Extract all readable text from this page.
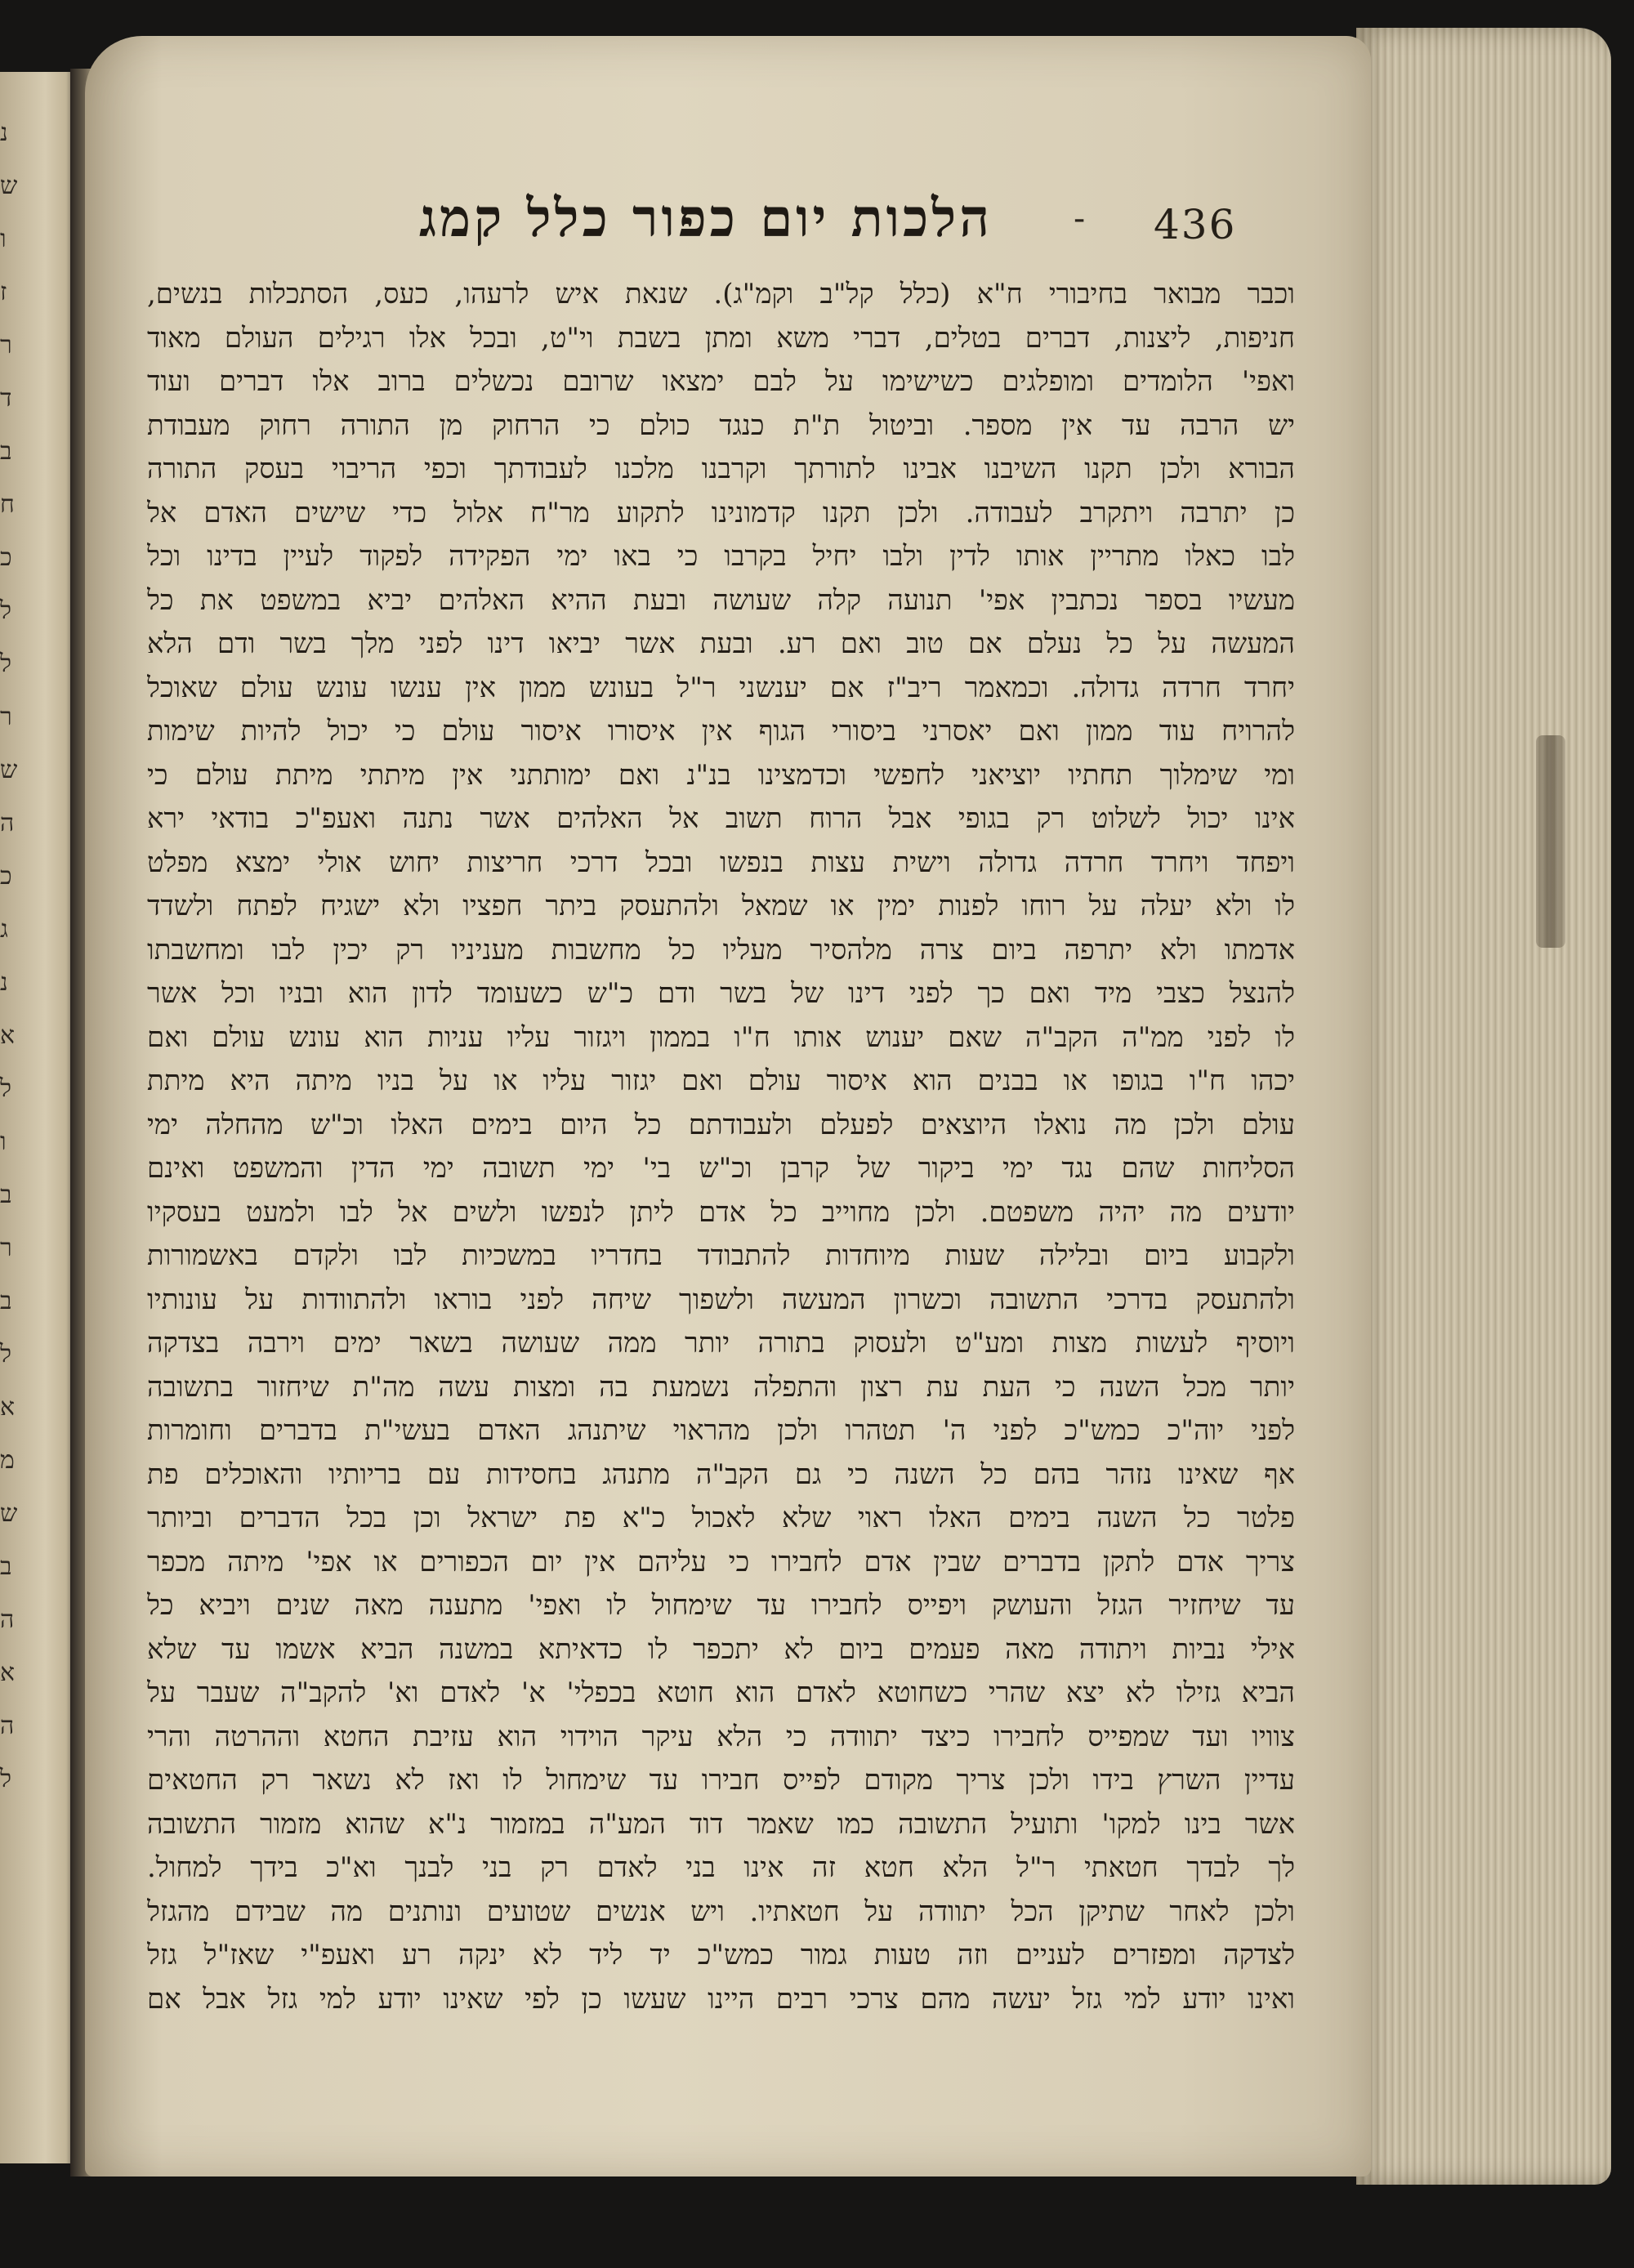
נ
ש
ו
ז
ר
ד
ב
ח
כ
ל
ל
ר
ש
ה
כ
ג
נ
א
ל
ו
ב
ר
ב
ל
א
מ
ש
ב
ה
א
ה
ל
הלכות יום כפור כלל קמג - 436
וכבר מבואר בחיבורי ח"א (כלל קל"ב וקמ"ג). שנאת איש לרעהו, כעס, הסתכלות בנשים,
חניפות, ליצנות, דברים בטלים, דברי משא ומתן בשבת וי"ט, ובכל אלו רגילים העולם מאוד
ואפי' הלומדים ומופלגים כשישימו על לבם ימצאו שרובם נכשלים ברוב אלו דברים ועוד
יש הרבה עד אין מספר. וביטול ת"ת כנגד כולם כי הרחוק מן התורה רחוק מעבודת
הבורא ולכן תקנו השיבנו אבינו לתורתך וקרבנו מלכנו לעבודתך וכפי הריבוי בעסק התורה
כן יתרבה ויתקרב לעבודה. ולכן תקנו קדמונינו לתקוע מר"ח אלול כדי שישים האדם אל
לבו כאלו מתריין אותו לדין ולבו יחיל בקרבו כי באו ימי הפקידה לפקוד לעיין בדינו וכל
מעשיו בספר נכתבין אפי' תנועה קלה שעושה ובעת ההיא האלהים יביא במשפט את כל
המעשה על כל נעלם אם טוב ואם רע. ובעת אשר יביאו דינו לפני מלך בשר ודם הלא
יחרד חרדה גדולה. וכמאמר ריב"ז אם יענשני ר"ל בעונש ממון אין ענשו עונש עולם שאוכל
להרויח עוד ממון ואם יאסרני ביסורי הגוף אין איסורו איסור עולם כי יכול להיות שימות
ומי שימלוך תחתיו יוציאני לחפשי וכדמצינו בנ"נ ואם ימותתני אין מיתתי מיתת עולם כי
אינו יכול לשלוט רק בגופי אבל הרוח תשוב אל האלהים אשר נתנה ואעפ"כ בודאי ירא
ויפחד ויחרד חרדה גדולה וישית עצות בנפשו ובכל דרכי חריצות יחוש אולי ימצא מפלט
לו ולא יעלה על רוחו לפנות ימין או שמאל ולהתעסק ביתר חפציו ולא ישגיח לפתח ולשדד
אדמתו ולא יתרפה ביום צרה מלהסיר מעליו כל מחשבות מעניניו רק יכין לבו ומחשבתו
להנצל כצבי מיד ואם כך לפני דינו של בשר ודם כ"ש כשעומד לדון הוא ובניו וכל אשר
לו לפני ממ"ה הקב"ה שאם יענוש אותו ח"ו בממון ויגזור עליו עניות הוא עונש עולם ואם
יכהו ח"ו בגופו או בבנים הוא איסור עולם ואם יגזור עליו או על בניו מיתה היא מיתת
עולם ולכן מה נואלו היוצאים לפעלם ולעבודתם כל היום בימים האלו וכ"ש מהחלה ימי
הסליחות שהם נגד ימי ביקור של קרבן וכ"ש בי' ימי תשובה ימי הדין והמשפט ואינם
יודעים מה יהיה משפטם. ולכן מחוייב כל אדם ליתן לנפשו ולשים אל לבו ולמעט בעסקיו
ולקבוע ביום ובלילה שעות מיוחדות להתבודד בחדריו במשכיות לבו ולקדם באשמורות
ולהתעסק בדרכי התשובה וכשרון המעשה ולשפוך שיחה לפני בוראו ולהתוודות על עונותיו
ויוסיף לעשות מצות ומע"ט ולעסוק בתורה יותר ממה שעושה בשאר ימים וירבה בצדקה
יותר מכל השנה כי העת עת רצון והתפלה נשמעת בה ומצות עשה מה"ת שיחזור בתשובה
לפני יוה"כ כמש"כ לפני ה' תטהרו ולכן מהראוי שיתנהג האדם בעשי"ת בדברים וחומרות
אף שאינו נזהר בהם כל השנה כי גם הקב"ה מתנהג בחסידות עם בריותיו והאוכלים פת
פלטר כל השנה בימים האלו ראוי שלא לאכול כ"א פת ישראל וכן בכל הדברים וביותר
צריך אדם לתקן בדברים שבין אדם לחבירו כי עליהם אין יום הכפורים או אפי' מיתה מכפר
עד שיחזיר הגזל והעושק ויפייס לחבירו עד שימחול לו ואפי' מתענה מאה שנים ויביא כל
אילי נביות ויתודה מאה פעמים ביום לא יתכפר לו כדאיתא במשנה הביא אשמו עד שלא
הביא גזילו לא יצא שהרי כשחוטא לאדם הוא חוטא בכפלי' א' לאדם וא' להקב"ה שעבר על
צוויו ועד שמפייס לחבירו כיצד יתוודה כי הלא עיקר הוידוי הוא עזיבת החטא וההרטה והרי
עדיין השרץ בידו ולכן צריך מקודם לפייס חבירו עד שימחול לו ואז לא נשאר רק החטאים
אשר בינו למקו' ותועיל התשובה כמו שאמר דוד המע"ה במזמור נ"א שהוא מזמור התשובה
לך לבדך חטאתי ר"ל הלא חטא זה אינו בני לאדם רק בני לבנך וא"כ בידך למחול.
ולכן לאחר שתיקן הכל יתוודה על חטאתיו. ויש אנשים שטועים ונותנים מה שבידם מהגזל
לצדקה ומפזרים לעניים וזה טעות גמור כמש"כ יד ליד לא ינקה רע ואעפ"י שאז"ל גזל
ואינו יודע למי גזל יעשה מהם צרכי רבים היינו שעשו כן לפי שאינו יודע למי גזל אבל אם
